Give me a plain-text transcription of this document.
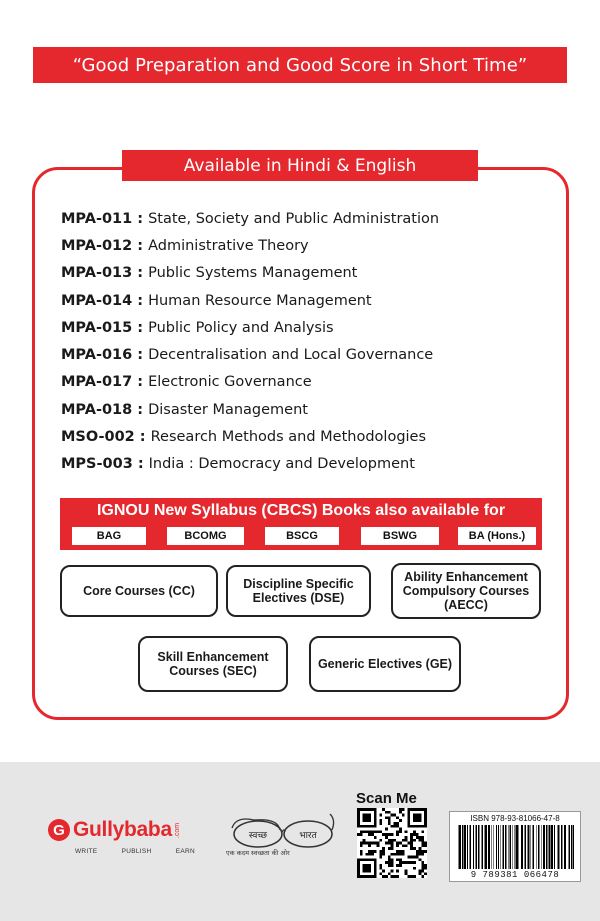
“Good Preparation and Good Score in Short Time”
Available in Hindi & English
MPA-011 : State, Society and Public Administration
MPA-012 : Administrative Theory
MPA-013 : Public Systems Management
MPA-014 : Human Resource Management
MPA-015 : Public Policy and Analysis
MPA-016 : Decentralisation and Local Governance
MPA-017 : Electronic Governance
MPA-018 : Disaster Management
MSO-002 : Research Methods and Methodologies
MPS-003 : India : Democracy and Development
IGNOU New Syllabus (CBCS) Books also available for
BAG	BCOMG	BSCG	BSWG	BA (Hons.)
Core Courses (CC)	Discipline Specific Electives (DSE)
Ability Enhancement Compulsory Courses (AECC)
Skill Enhancement Courses (SEC)	Generic Electives (GE)
G Gullybaba .com
WRITE	PUBLISH	EARN
स्वच्छ	भारत
एक कदम स्वच्छता की ओर
Scan Me
ISBN 978-93-81066-47-8
9 789381 066478
